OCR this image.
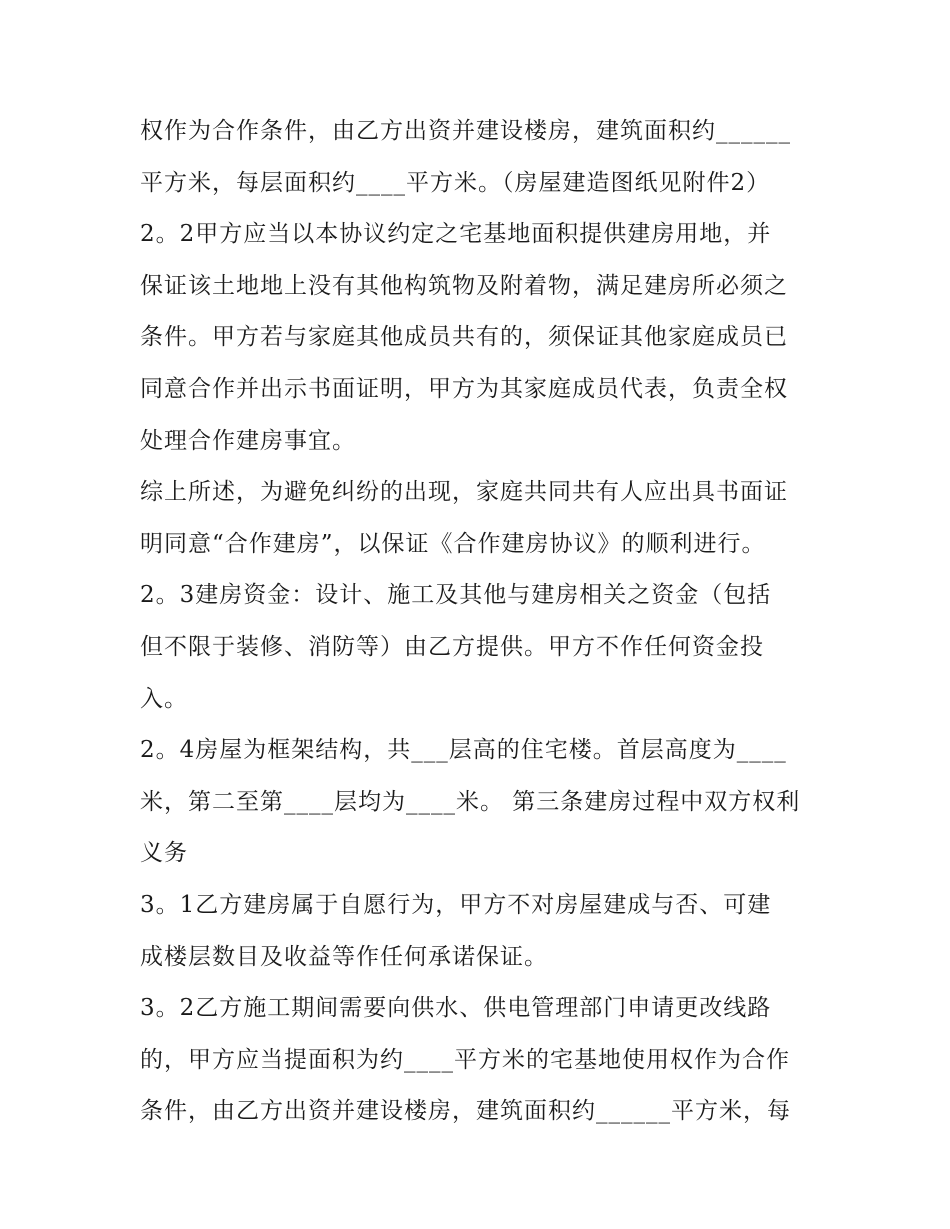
权作为合作条件，由乙方出资并建设楼房，建筑面积约______
平方米，每层面积约____平方米。（房屋建造图纸见附件2）
2。2甲方应当以本协议约定之宅基地面积提供建房用地，并
保证该土地地上没有其他构筑物及附着物，满足建房所必须之
条件。甲方若与家庭其他成员共有的，须保证其他家庭成员已
同意合作并出示书面证明，甲方为其家庭成员代表，负责全权
处理合作建房事宜。
综上所述，为避免纠纷的出现，家庭共同共有人应出具书面证
明同意“合作建房”，以保证《合作建房协议》的顺利进行。
2。3建房资金：设计、施工及其他与建房相关之资金（包括
但不限于装修、消防等）由乙方提供。甲方不作任何资金投
入。
2。4房屋为框架结构，共___层高的住宅楼。首层高度为____
米，第二至第____层均为____米。 第三条建房过程中双方权利
义务
3。1乙方建房属于自愿行为，甲方不对房屋建成与否、可建
成楼层数目及收益等作任何承诺保证。
3。2乙方施工期间需要向供水、供电管理部门申请更改线路
的，甲方应当提面积为约____平方米的宅基地使用权作为合作
条件，由乙方出资并建设楼房，建筑面积约______平方米，每
